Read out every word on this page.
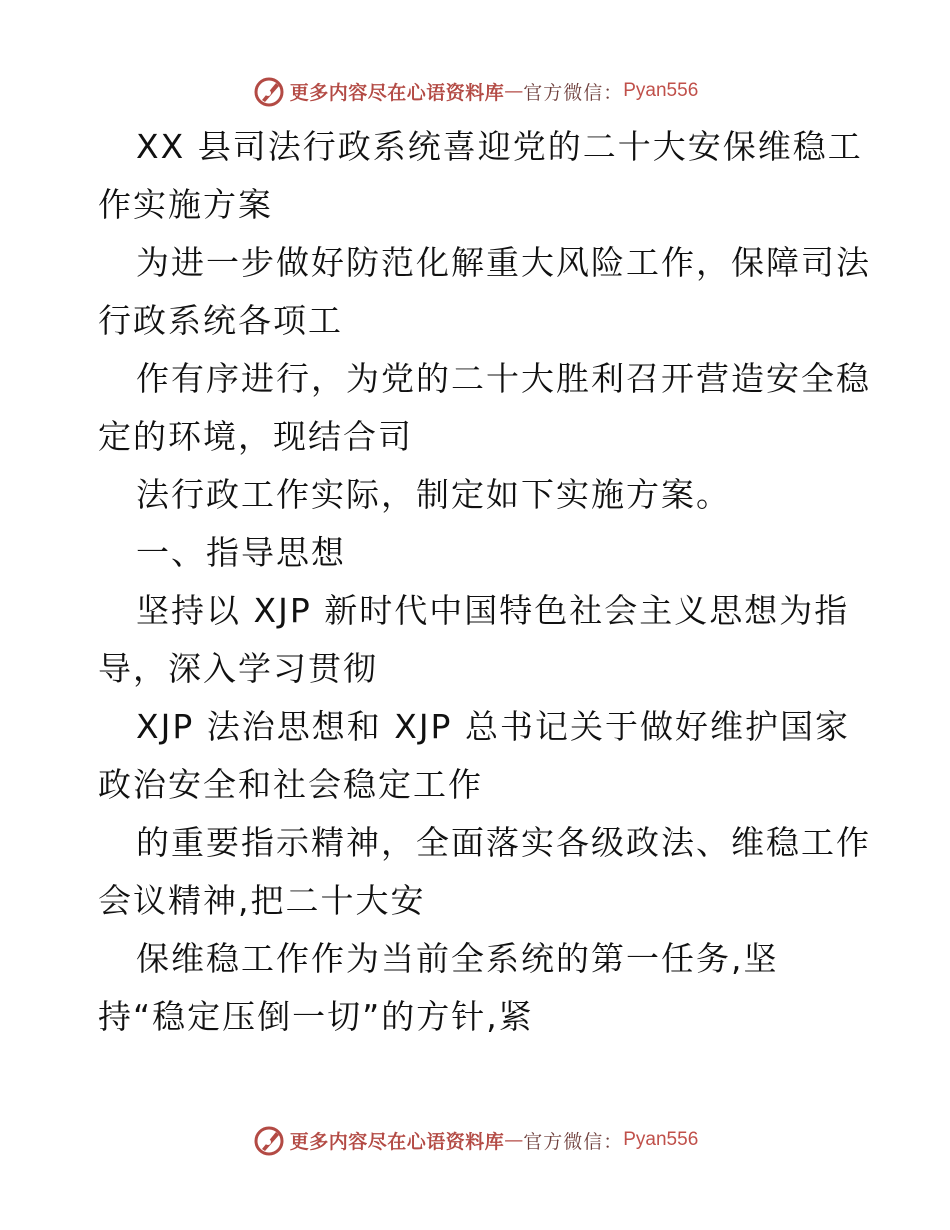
更多内容尽在心语资料库 — 官方微信： Pyan556
XX 县司法行政系统喜迎党的二十大安保维稳工
作实施方案
为进一步做好防范化解重大风险工作，保障司法
行政系统各项工
作有序进行，为党的二十大胜利召开营造安全稳
定的环境，现结合司
法行政工作实际，制定如下实施方案。
一、指导思想
坚持以 XJP 新时代中国特色社会主义思想为指
导，深入学习贯彻
XJP 法治思想和 XJP 总书记关于做好维护国家
政治安全和社会稳定工作
的重要指示精神，全面落实各级政法、维稳工作
会议精神,把二十大安
保维稳工作作为当前全系统的第一任务,坚
持“稳定压倒一切”的方针,紧
更多内容尽在心语资料库 — 官方微信： Pyan556
